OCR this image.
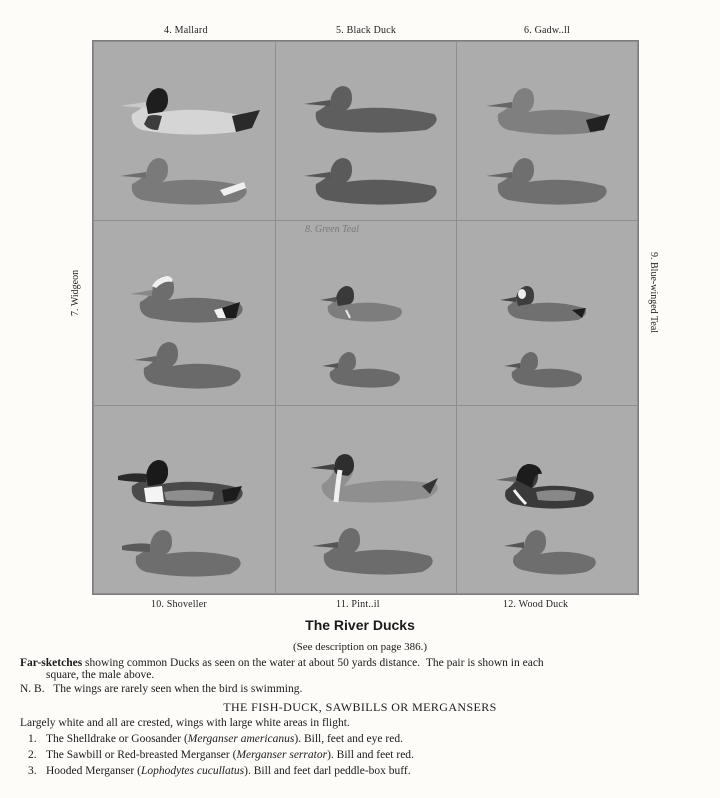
4. Mallard	5. Black Duck	6. Gadw..ll
10. Shoveller	11. Pint..il	12. Wood Duck
7. Widgeon	9. Blue-winged Teal
8. Green Teal
The River Ducks
(See description on page 386.)
Far-sketches showing common Ducks as seen on the water at about 50 yards distance.  The pair is shown in each
square, the male above.
N. B. The wings are rarely seen when the bird is swimming.
THE FISH-DUCK, SAWBILLS OR MERGANSERS
Largely white and all are crested, wings with large white areas in flight.
1. The Shelldrake or Goosander (Merganser americanus). Bill, feet and eye red.
2. The Sawbill or Red-breasted Merganser (Merganser serrator). Bill and feet red.
3. Hooded Merganser (Lophodytes cucullatus). Bill and feet darl peddle-box buff.
